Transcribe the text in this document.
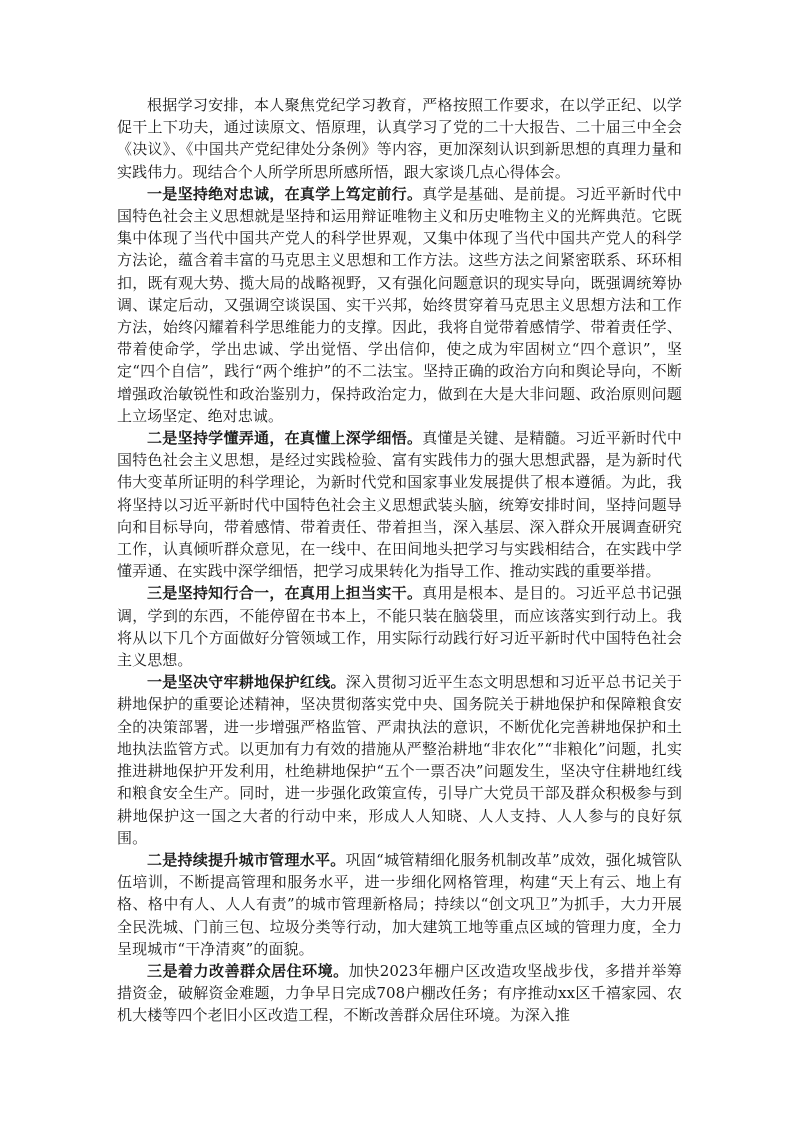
根据学习安排，本人聚焦党纪学习教育，严格按照工作要求，在以学正纪、以学促干上下功夫，通过读原文、悟原理，认真学习了党的二十大报告、二十届三中全会《决议》、《中国共产党纪律处分条例》等内容，更加深刻认识到新思想的真理力量和实践伟力。现结合个人所学所思所感所悟，跟大家谈几点心得体会。

一是坚持绝对忠诚，在真学上笃定前行。真学是基础、是前提。习近平新时代中国特色社会主义思想就是坚持和运用辩证唯物主义和历史唯物主义的光辉典范。它既集中体现了当代中国共产党人的科学世界观，又集中体现了当代中国共产党人的科学方法论，蕴含着丰富的马克思主义思想和工作方法。这些方法之间紧密联系、环环相扣，既有观大势、揽大局的战略视野，又有强化问题意识的现实导向，既强调统筹协调、谋定后动，又强调空谈误国、实干兴邦，始终贯穿着马克思主义思想方法和工作方法，始终闪耀着科学思维能力的支撑。因此，我将自觉带着感情学、带着责任学、带着使命学，学出忠诚、学出觉悟、学出信仰，使之成为牢固树立“四个意识”，坚定“四个自信”，践行“两个维护”的不二法宝。坚持正确的政治方向和舆论导向，不断增强政治敏锐性和政治鉴别力，保持政治定力，做到在大是大非问题、政治原则问题上立场坚定、绝对忠诚。

二是坚持学懂弄通，在真懂上深学细悟。真懂是关键、是精髓。习近平新时代中国特色社会主义思想，是经过实践检验、富有实践伟力的强大思想武器，是为新时代伟大变革所证明的科学理论，为新时代党和国家事业发展提供了根本遵循。为此，我将坚持以习近平新时代中国特色社会主义思想武装头脑，统筹安排时间，坚持问题导向和目标导向，带着感情、带着责任、带着担当，深入基层、深入群众开展调查研究工作，认真倾听群众意见，在一线中、在田间地头把学习与实践相结合，在实践中学懂弄通、在实践中深学细悟，把学习成果转化为指导工作、推动实践的重要举措。

三是坚持知行合一，在真用上担当实干。真用是根本、是目的。习近平总书记强调，学到的东西，不能停留在书本上，不能只装在脑袋里，而应该落实到行动上。我将从以下几个方面做好分管领域工作，用实际行动践行好习近平新时代中国特色社会主义思想。

一是坚决守牢耕地保护红线。深入贯彻习近平生态文明思想和习近平总书记关于耕地保护的重要论述精神，坚决贯彻落实党中央、国务院关于耕地保护和保障粮食安全的决策部署，进一步增强严格监管、严肃执法的意识，不断优化完善耕地保护和土地执法监管方式。以更加有力有效的措施从严整治耕地“非农化”“非粮化”问题，扎实推进耕地保护开发利用，杜绝耕地保护“五个一票否决”问题发生，坚决守住耕地红线和粮食安全生产。同时，进一步强化政策宣传，引导广大党员干部及群众积极参与到耕地保护这一国之大者的行动中来，形成人人知晓、人人支持、人人参与的良好氛围。

二是持续提升城市管理水平。巩固“城管精细化服务机制改革”成效，强化城管队伍培训，不断提高管理和服务水平，进一步细化网格管理，构建“天上有云、地上有格、格中有人、人人有责”的城市管理新格局；持续以“创文巩卫”为抓手，大力开展全民洗城、门前三包、垃圾分类等行动，加大建筑工地等重点区域的管理力度，全力呈现城市“干净清爽”的面貌。

三是着力改善群众居住环境。加快2023年棚户区改造攻坚战步伐，多措并举筹措资金，破解资金难题，力争早日完成708户棚改任务；有序推动xx区千禧家园、农机大楼等四个老旧小区改造工程，不断改善群众居住环境。为深入推
